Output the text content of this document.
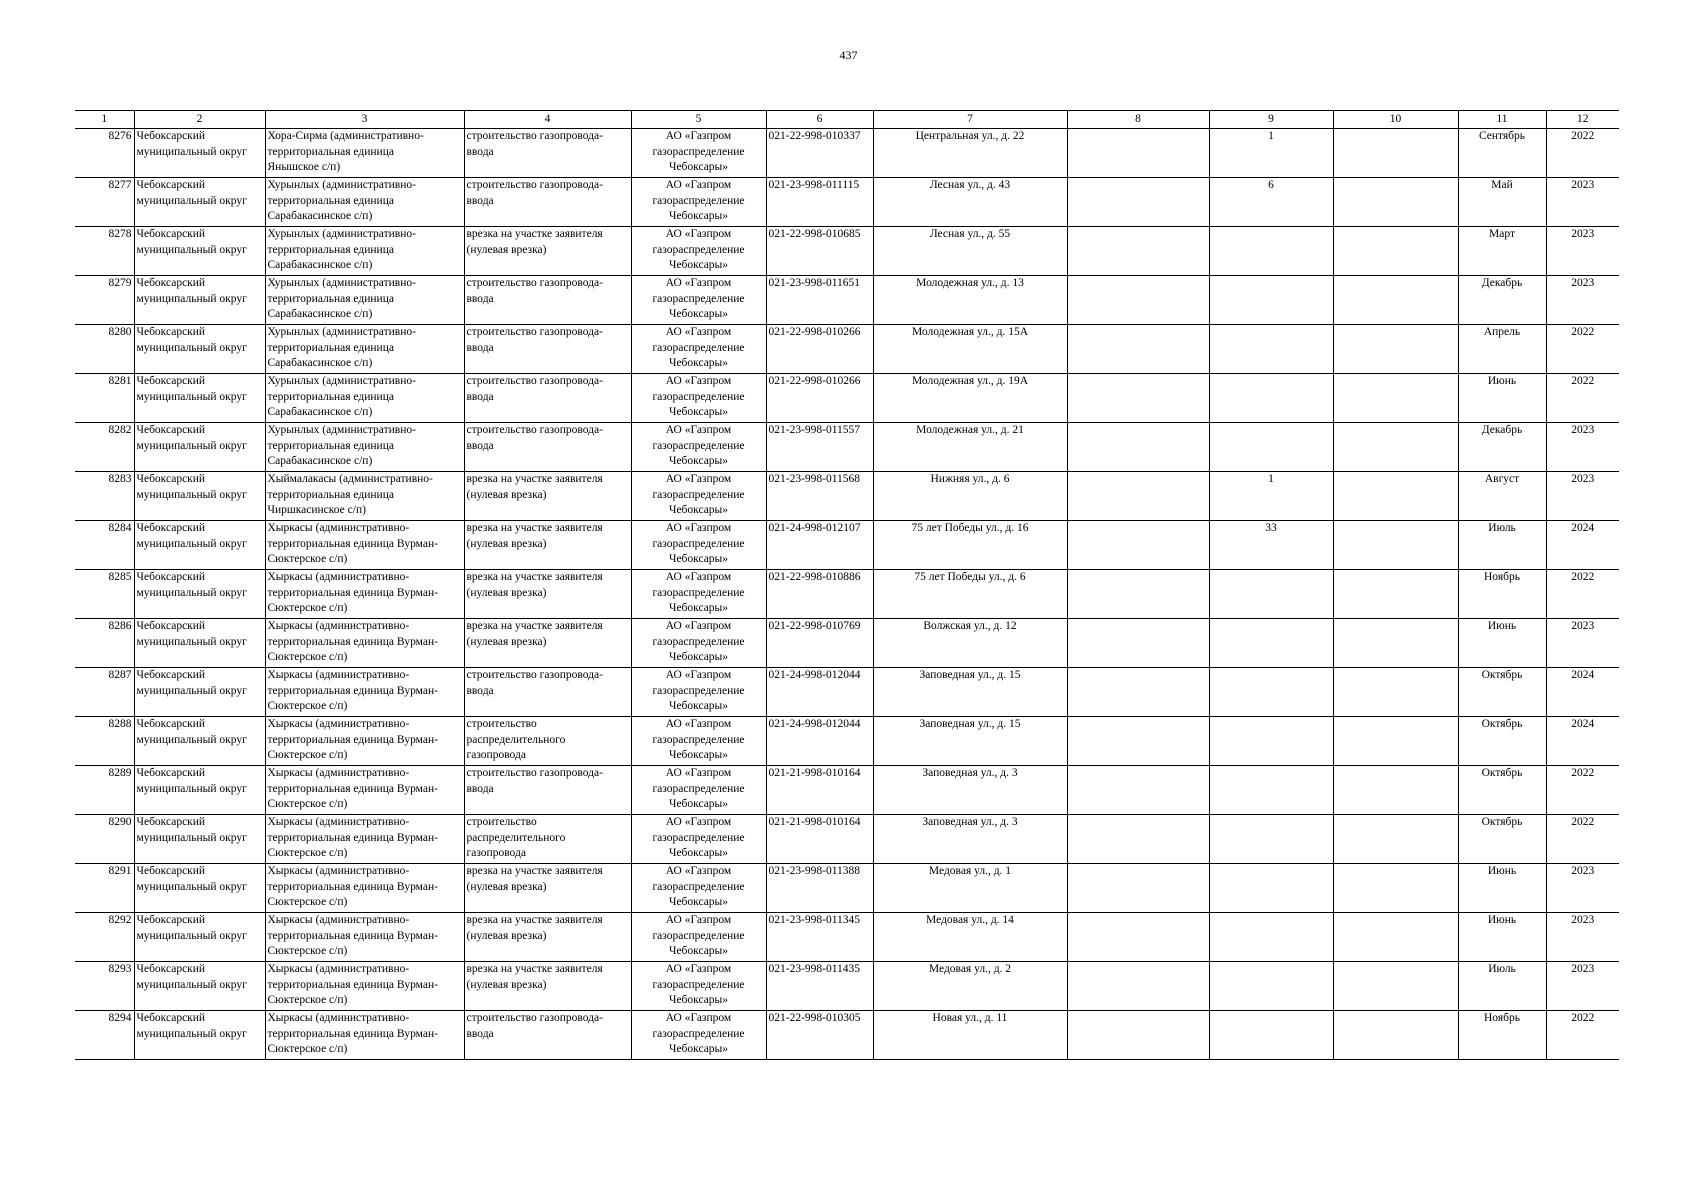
437
1	2	3	4	5	6	7	8	9	10	11	12
8276	Чебоксарский
муниципальный округ	Хора-Сирма (административно-
территориальная единица
Янышское с/п)	строительство газопровода-
ввода	АО «Газпром
газораспределение
Чебоксары»	021-22-998-010337	Центральная ул., д. 22		1		Сентябрь	2022
8277	Чебоксарский
муниципальный округ	Хурынлых (административно-
территориальная единица
Сарабакасинское с/п)	строительство газопровода-
ввода	АО «Газпром
газораспределение
Чебоксары»	021-23-998-011115	Лесная ул., д. 43		6		Май	2023
8278	Чебоксарский
муниципальный округ	Хурынлых (административно-
территориальная единица
Сарабакасинское с/п)	врезка на участке заявителя
(нулевая врезка)	АО «Газпром
газораспределение
Чебоксары»	021-22-998-010685	Лесная ул., д. 55				Март	2023
8279	Чебоксарский
муниципальный округ	Хурынлых (административно-
территориальная единица
Сарабакасинское с/п)	строительство газопровода-
ввода	АО «Газпром
газораспределение
Чебоксары»	021-23-998-011651	Молодежная ул., д. 13				Декабрь	2023
8280	Чебоксарский
муниципальный округ	Хурынлых (административно-
территориальная единица
Сарабакасинское с/п)	строительство газопровода-
ввода	АО «Газпром
газораспределение
Чебоксары»	021-22-998-010266	Молодежная ул., д. 15А				Апрель	2022
8281	Чебоксарский
муниципальный округ	Хурынлых (административно-
территориальная единица
Сарабакасинское с/п)	строительство газопровода-
ввода	АО «Газпром
газораспределение
Чебоксары»	021-22-998-010266	Молодежная ул., д. 19А				Июнь	2022
8282	Чебоксарский
муниципальный округ	Хурынлых (административно-
территориальная единица
Сарабакасинское с/п)	строительство газопровода-
ввода	АО «Газпром
газораспределение
Чебоксары»	021-23-998-011557	Молодежная ул., д. 21				Декабрь	2023
8283	Чебоксарский
муниципальный округ	Хыймалакасы (административно-
территориальная единица
Чиршкасинское с/п)	врезка на участке заявителя
(нулевая врезка)	АО «Газпром
газораспределение
Чебоксары»	021-23-998-011568	Нижняя ул., д. 6		1		Август	2023
8284	Чебоксарский
муниципальный округ	Хыркасы (административно-
территориальная единица Вурман-
Сюктерское с/п)	врезка на участке заявителя
(нулевая врезка)	АО «Газпром
газораспределение
Чебоксары»	021-24-998-012107	75 лет Победы ул., д. 16		33		Июль	2024
8285	Чебоксарский
муниципальный округ	Хыркасы (административно-
территориальная единица Вурман-
Сюктерское с/п)	врезка на участке заявителя
(нулевая врезка)	АО «Газпром
газораспределение
Чебоксары»	021-22-998-010886	75 лет Победы ул., д. 6				Ноябрь	2022
8286	Чебоксарский
муниципальный округ	Хыркасы (административно-
территориальная единица Вурман-
Сюктерское с/п)	врезка на участке заявителя
(нулевая врезка)	АО «Газпром
газораспределение
Чебоксары»	021-22-998-010769	Волжская ул., д. 12				Июнь	2023
8287	Чебоксарский
муниципальный округ	Хыркасы (административно-
территориальная единица Вурман-
Сюктерское с/п)	строительство газопровода-
ввода	АО «Газпром
газораспределение
Чебоксары»	021-24-998-012044	Заповедная ул., д. 15				Октябрь	2024
8288	Чебоксарский
муниципальный округ	Хыркасы (административно-
территориальная единица Вурман-
Сюктерское с/п)	строительство
распределительного
газопровода	АО «Газпром
газораспределение
Чебоксары»	021-24-998-012044	Заповедная ул., д. 15				Октябрь	2024
8289	Чебоксарский
муниципальный округ	Хыркасы (административно-
территориальная единица Вурман-
Сюктерское с/п)	строительство газопровода-
ввода	АО «Газпром
газораспределение
Чебоксары»	021-21-998-010164	Заповедная ул., д. 3				Октябрь	2022
8290	Чебоксарский
муниципальный округ	Хыркасы (административно-
территориальная единица Вурман-
Сюктерское с/п)	строительство
распределительного
газопровода	АО «Газпром
газораспределение
Чебоксары»	021-21-998-010164	Заповедная ул., д. 3				Октябрь	2022
8291	Чебоксарский
муниципальный округ	Хыркасы (административно-
территориальная единица Вурман-
Сюктерское с/п)	врезка на участке заявителя
(нулевая врезка)	АО «Газпром
газораспределение
Чебоксары»	021-23-998-011388	Медовая ул., д. 1				Июнь	2023
8292	Чебоксарский
муниципальный округ	Хыркасы (административно-
территориальная единица Вурман-
Сюктерское с/п)	врезка на участке заявителя
(нулевая врезка)	АО «Газпром
газораспределение
Чебоксары»	021-23-998-011345	Медовая ул., д. 14				Июнь	2023
8293	Чебоксарский
муниципальный округ	Хыркасы (административно-
территориальная единица Вурман-
Сюктерское с/п)	врезка на участке заявителя
(нулевая врезка)	АО «Газпром
газораспределение
Чебоксары»	021-23-998-011435	Медовая ул., д. 2				Июль	2023
8294	Чебоксарский
муниципальный округ	Хыркасы (административно-
территориальная единица Вурман-
Сюктерское с/п)	строительство газопровода-
ввода	АО «Газпром
газораспределение
Чебоксары»	021-22-998-010305	Новая ул., д. 11				Ноябрь	2022
